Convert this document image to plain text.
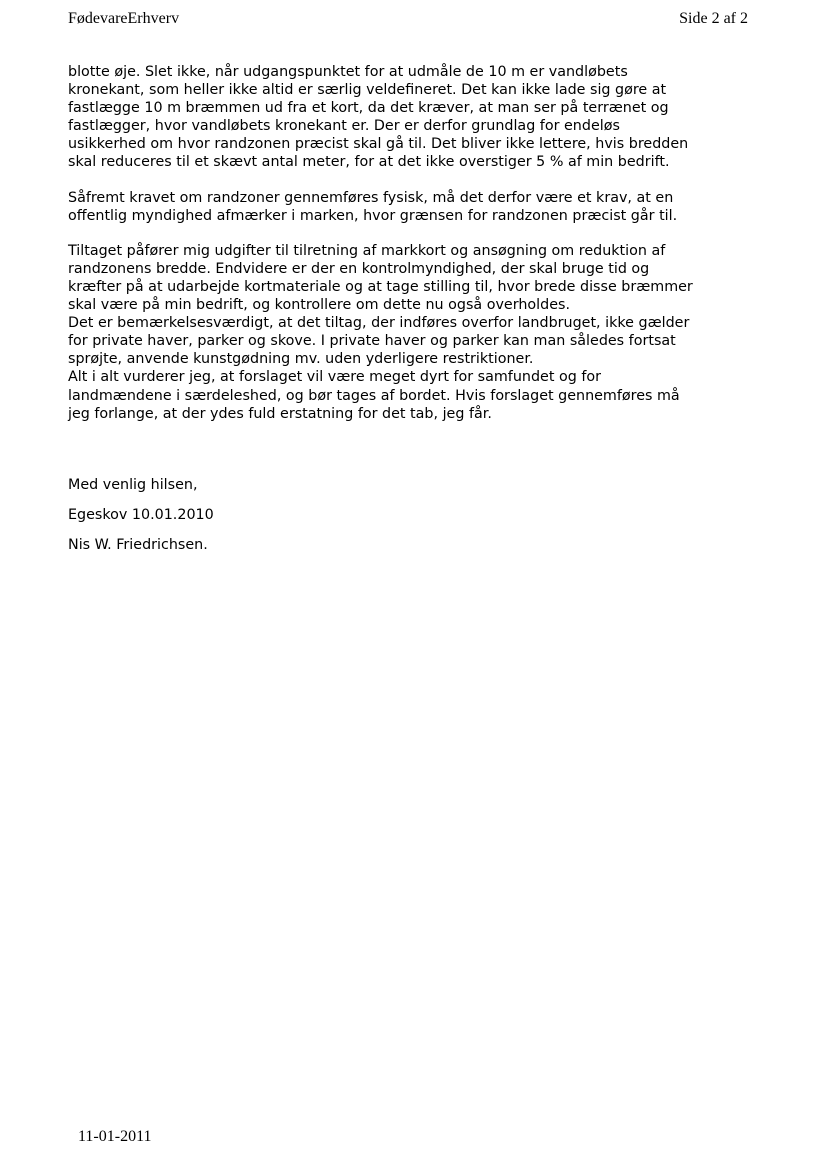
FødevareErhverv	Side 2 af 2
blotte øje. Slet ikke, når udgangspunktet for at udmåle de 10 m er vandløbets
kronekant, som heller ikke altid er særlig veldefineret. Det kan ikke lade sig gøre at
fastlægge 10 m bræmmen ud fra et kort, da det kræver, at man ser på terrænet og
fastlægger, hvor vandløbets kronekant er. Der er derfor grundlag for endeløs
usikkerhed om hvor randzonen præcist skal gå til. Det bliver ikke lettere, hvis bredden
skal reduceres til et skævt antal meter, for at det ikke overstiger 5 % af min bedrift.
Såfremt kravet om randzoner gennemføres fysisk, må det derfor være et krav, at en
offentlig myndighed afmærker i marken, hvor grænsen for randzonen præcist går til.
Tiltaget påfører mig udgifter til tilretning af markkort og ansøgning om reduktion af
randzonens bredde. Endvidere er der en kontrolmyndighed, der skal bruge tid og
kræfter på at udarbejde kortmateriale og at tage stilling til, hvor brede disse bræmmer
skal være på min bedrift, og kontrollere om dette nu også overholdes.
Det er bemærkelsesværdigt, at det tiltag, der indføres overfor landbruget, ikke gælder
for private haver, parker og skove. I private haver og parker kan man således fortsat
sprøjte, anvende kunstgødning mv. uden yderligere restriktioner.
Alt i alt vurderer jeg, at forslaget vil være meget dyrt for samfundet og for
landmændene i særdeleshed, og bør tages af bordet. Hvis forslaget gennemføres må
jeg forlange, at der ydes fuld erstatning for det tab, jeg får.
Med venlig hilsen,
Egeskov 10.01.2010
Nis W. Friedrichsen.
11-01-2011
